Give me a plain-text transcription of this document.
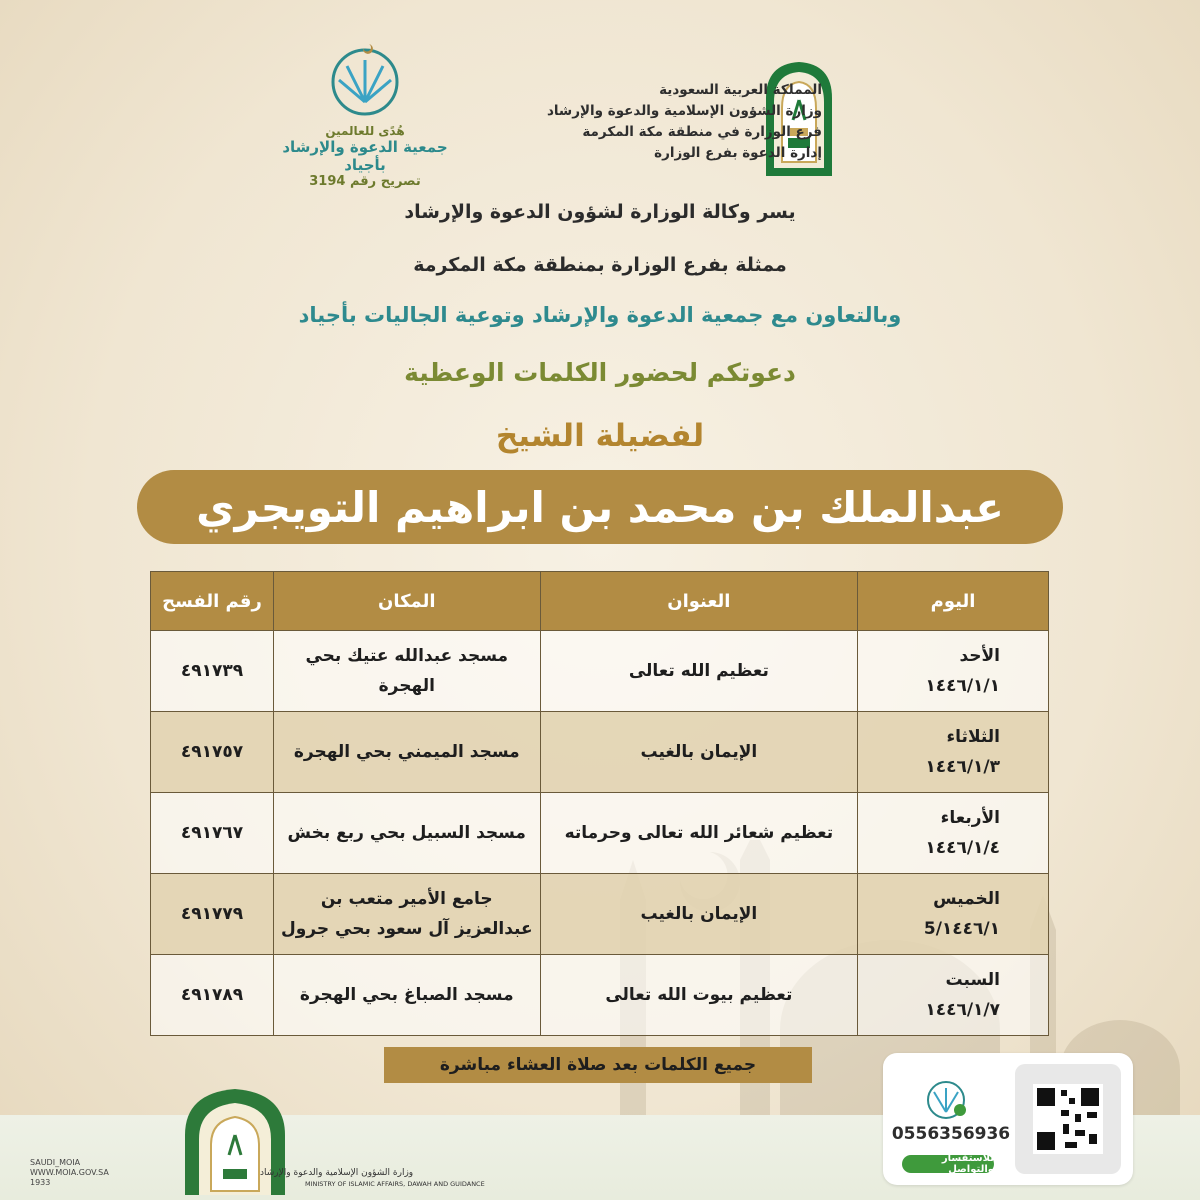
المملكة العربية السعودية
وزارة الشؤون الإسلامية والدعوة والإرشاد
فرع الوزارة في منطقة مكة المكرمة
إدارة الدعوة بفرع الوزارة
هُدًى للعالمين
جمعية الدعوة والإرشاد بأجياد
تصريح رقم 3194
يسر وكالة الوزارة لشؤون الدعوة والإرشاد
ممثلة بفرع الوزارة بمنطقة مكة المكرمة
وبالتعاون مع جمعية الدعوة والإرشاد وتوعية الجاليات بأجياد
دعوتكم لحضور الكلمات الوعظية
لفضيلة الشيخ
عبدالملك بن محمد بن ابراهيم التويجري
اليوم	العنوان	المكان	رقم الفسح

الأحد
١٤٤٦/١/١	تعظيم الله تعالى	مسجد عبدالله عتيك بحي الهجرة	٤٩١٧٣٩

الثلاثاء
١٤٤٦/١/٣	الإيمان بالغيب	مسجد الميمني بحي الهجرة	٤٩١٧٥٧

الأربعاء
١٤٤٦/١/٤	تعظيم شعائر الله تعالى وحرماته	مسجد السبيل بحي ربع بخش	٤٩١٧٦٧

الخميس
١٤٤٦/١/5	الإيمان بالغيب	جامع الأمير متعب بن عبدالعزيز آل سعود بحي جرول	٤٩١٧٧٩

السبت
١٤٤٦/١/٧	تعظيم بيوت الله تعالى	مسجد الصباغ بحي الهجرة	٤٩١٧٨٩
جميع الكلمات بعد صلاة العشاء مباشرة
وزارة الشؤون الإسلامية والدعوة والإرشاد
MINISTRY OF ISLAMIC AFFAIRS, DAWAH AND GUIDANCE
SAUDI_MOIA
WWW.MOIA.GOV.SA
1933
0556356936
للاستفسار والتواصل
